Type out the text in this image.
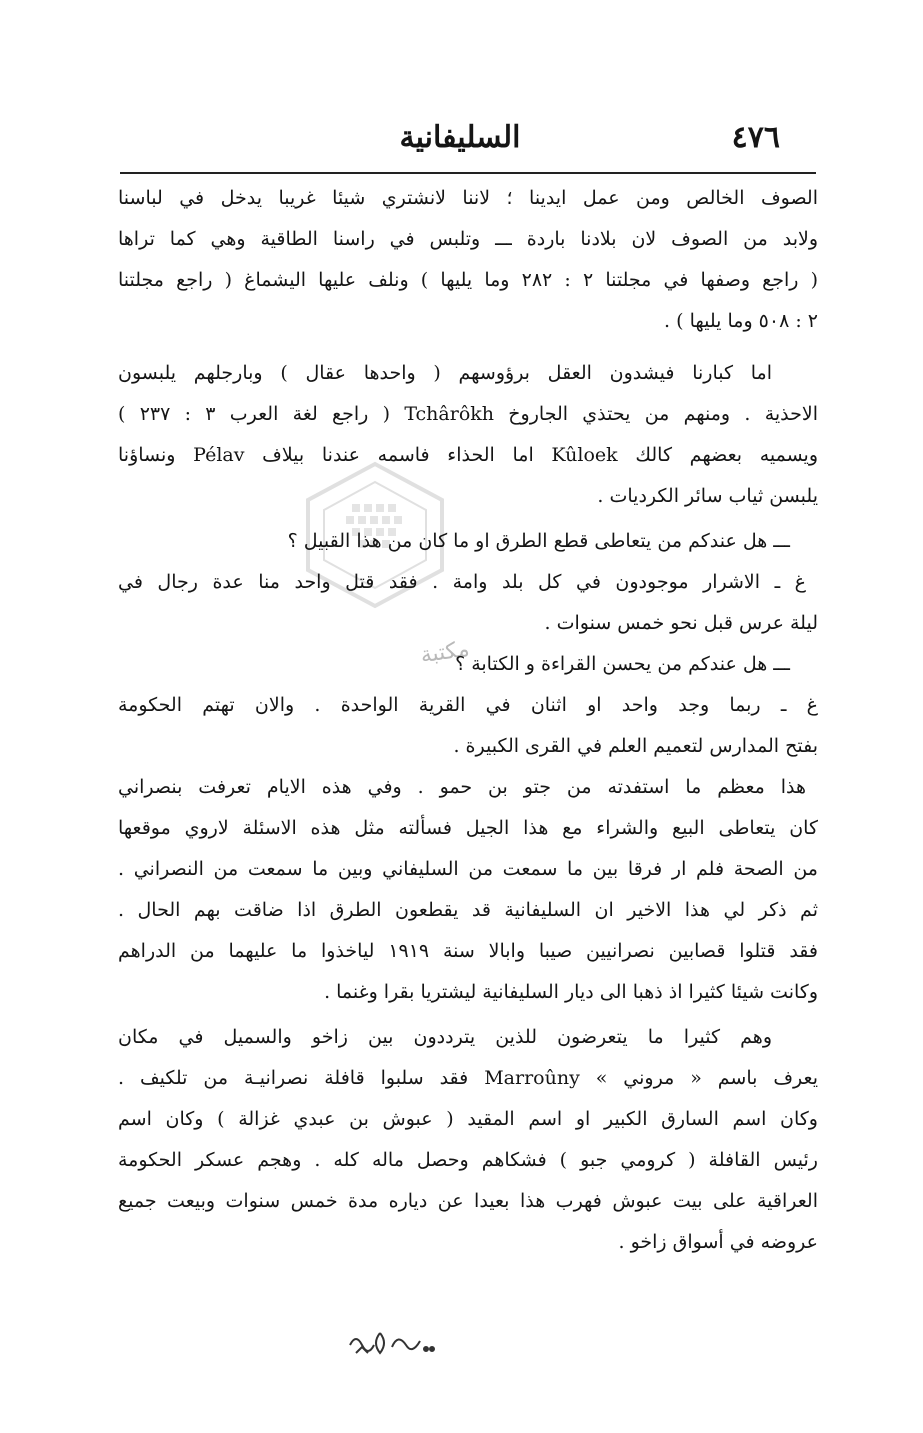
٤٧٦
السليفانية
مكتبة
الصوف الخالص ومن عمل ايدينا ؛ لاننا لانشتري شيئا غريبا يدخل في لباسنا
ولابد من الصوف لان بلادنا باردة ـــ وتلبس في راسنا الطاقية وهي كما تراها
( راجع وصفها في مجلتنا ٢ : ٢٨٢ وما يليها ) ونلف عليها اليشماغ ( راجع مجلتنا
٢ : ٥٠٨ وما يليها ) .
اما كبارنا فيشدون العقل برؤوسهم ( واحدها عقال ) وبارجلهم يلبسون
الاحذية . ومنهم من يحتذي الجاروخ Tchârôkh ( راجع لغة العرب ٣ : ٢٣٧ )
ويسميه بعضهم كالك Kûloek اما الحذاء فاسمه عندنا بيلاف Pélav ونساؤنا
يلبسن ثياب سائر الكرديات .
ـــ هل عندكم من يتعاطى قطع الطرق او ما كان من هذا القبيل ؟
غ ـ الاشرار موجودون في كل بلد وامة . فقد قتل واحد منا عدة رجال في
ليلة عرس قبل نحو خمس سنوات .
ـــ هل عندكم من يحسن القراءة و الكتابة ؟
غ ـ ربما وجد واحد او اثنان في القرية الواحدة . والان تهتم الحكومة
بفتح المدارس لتعميم العلم في القرى الكبيرة .
هذا معظم ما استفدته من جتو بن حمو . وفي هذه الايام تعرفت بنصراني
كان يتعاطى البيع والشراء مع هذا الجيل فسألته مثل هذه الاسئلة لاروي موقعها
من الصحة فلم ار فرقا بين ما سمعت من السليفاني وبين ما سمعت من النصراني .
ثم ذكر لي هذا الاخير ان السليفانية قد يقطعون الطرق اذا ضاقت بهم الحال .
فقد قتلوا قصابين نصرانيين صيبا وابالا سنة ١٩١٩ لياخذوا ما عليهما من الدراهم
وكانت شيئا كثيرا اذ ذهبا الى ديار السليفانية ليشتريا بقرا وغنما .
وهم كثيرا ما يتعرضون للذين يترددون بين زاخو والسميل في مكان
يعرف باسم « مروني » Marroûny فقد سلبوا قافلة نصرانيـة من تلكيف .
وكان اسم السارق الكبير او اسم المقيد ( عبوش بن عبدي غزالة ) وكان اسم
رئيس القافلة ( كرومي جبو ) فشكاهم وحصل ماله كله . وهجم عسكر الحكومة
العراقية على بيت عبوش فهرب هذا بعيدا عن دياره مدة خمس سنوات وبيعت جميع
عروضه في أسواق زاخو .
